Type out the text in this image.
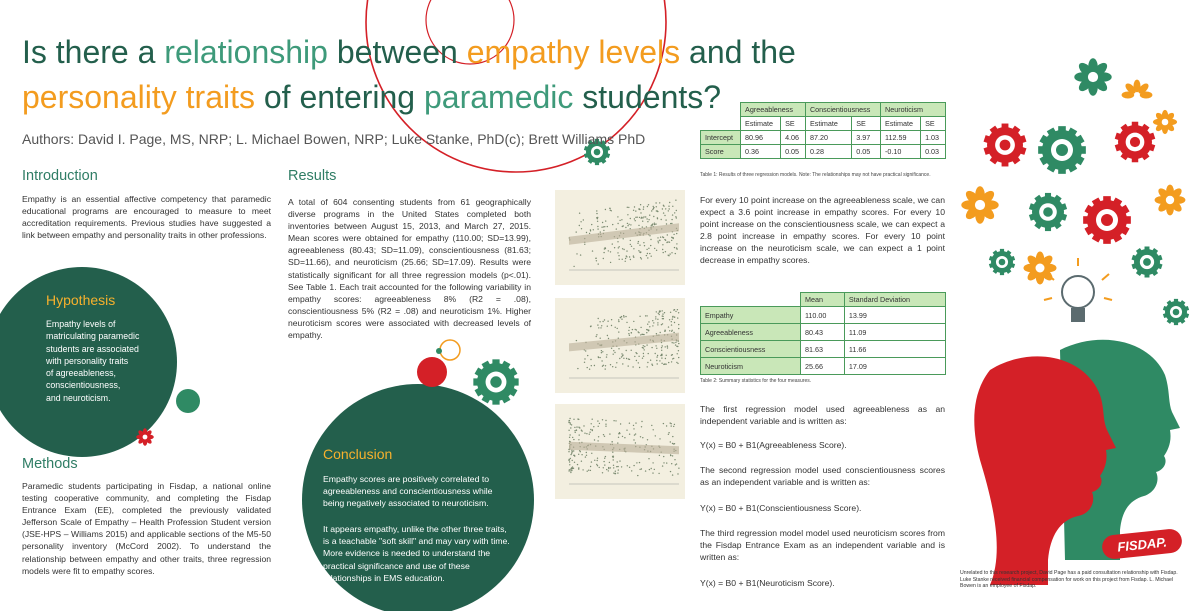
Is there a relationship between empathy levels and the
personality traits of entering paramedic students?
Authors: David I. Page, MS, NRP; L. Michael Bowen, NRP; Luke Stanke, PhD(c); Brett Williams PhD
Introduction
Empathy is an essential affective competency that paramedic educational programs are encouraged to measure to meet accreditation requirements. Previous studies have suggested a link between empathy and personality traits in other professions.
Hypothesis
Empathy levels of
matriculating paramedic
students are associated
with personality traits
of agreeableness,
conscientiousness,
and neuroticism.
Methods
Paramedic students participating in Fisdap, a national online testing cooperative community, and completing the Fisdap Entrance Exam (EE), completed the previously validated Jefferson Scale of Empathy – Health Profession Student version (JSE-HPS – Williams 2015) and applicable sections of the M5-50 personality inventory (McCord 2002). To understand the relationship between empathy and other traits, three regression models were fit to empathy scores.
Results
A total of 604 consenting students from 61 geographically diverse programs in the United States completed both inventories between August 15, 2013, and March 27, 2015. Mean scores were obtained for empathy (110.00; SD=13.99), agreeableness (80.43; SD=11.09), conscientiousness (81.63; SD=11.66), and neuroticism (25.66; SD=17.09). Results were statistically significant for all three regression models (p<.01). See Table 1. Each trait accounted for the following variability in empathy scores: agreeableness 8% (R2 = .08), conscientiousness 5% (R2 = .08) and neuroticism 1%. Higher neuroticism scores were associated with decreased levels of empathy.
Conclusion
Empathy scores are positively correlated to agreeableness and conscientiousness while being negatively associated to neuroticism.
It appears empathy, unlike the other three traits, is a teachable "soft skill" and may vary with time. More evidence is needed to understand the practical significance and use of these relationships in EMS education.
	Agreeableness		Conscientiousness		Neuroticism	
	Estimate	SE	Estimate	SE	Estimate	SE
Intercept	80.96	4.06	87.20	3.97	112.59	1.03
Score	0.36	0.05	0.28	0.05	-0.10	0.03
Table 1: Results of three regression models. Note: The relationships may not have practical significance.
For every 10 point increase on the agreeableness scale, we can expect a 3.6 point increase in empathy scores. For every 10 point increase on the conscientiousness scale, we can expect a 2.8 point increase in empathy scores. For every 10 point increase on the neuroticism scale, we can expect a 1 point decrease in empathy scores.
	Mean	Standard Deviation
Empathy	110.00	13.99
Agreeableness	80.43	11.09
Conscientiousness	81.63	11.66
Neuroticism	25.66	17.09
Table 2: Summary statistics for the four measures.
The first regression model used agreeableness as an independent variable and is written as:
Y(x) = B0 + B1(Agreeableness Score).
The second regression model used conscientiousness scores as an independent variable and is written as:
Y(x) = B0 + B1(Conscientiousness Score).
The third regression model model used neuroticism scores from the Fisdap Entrance Exam as an independent variable and is written as:
Y(x) = B0 + B1(Neuroticism Score).
FISDAP.
Unrelated to this research project, David Page has a paid consultation relationship with Fisdap. Luke Stanke received financial compensation for work on this project from Fisdap. L. Michael Bowen is an employee of Fisdap.
